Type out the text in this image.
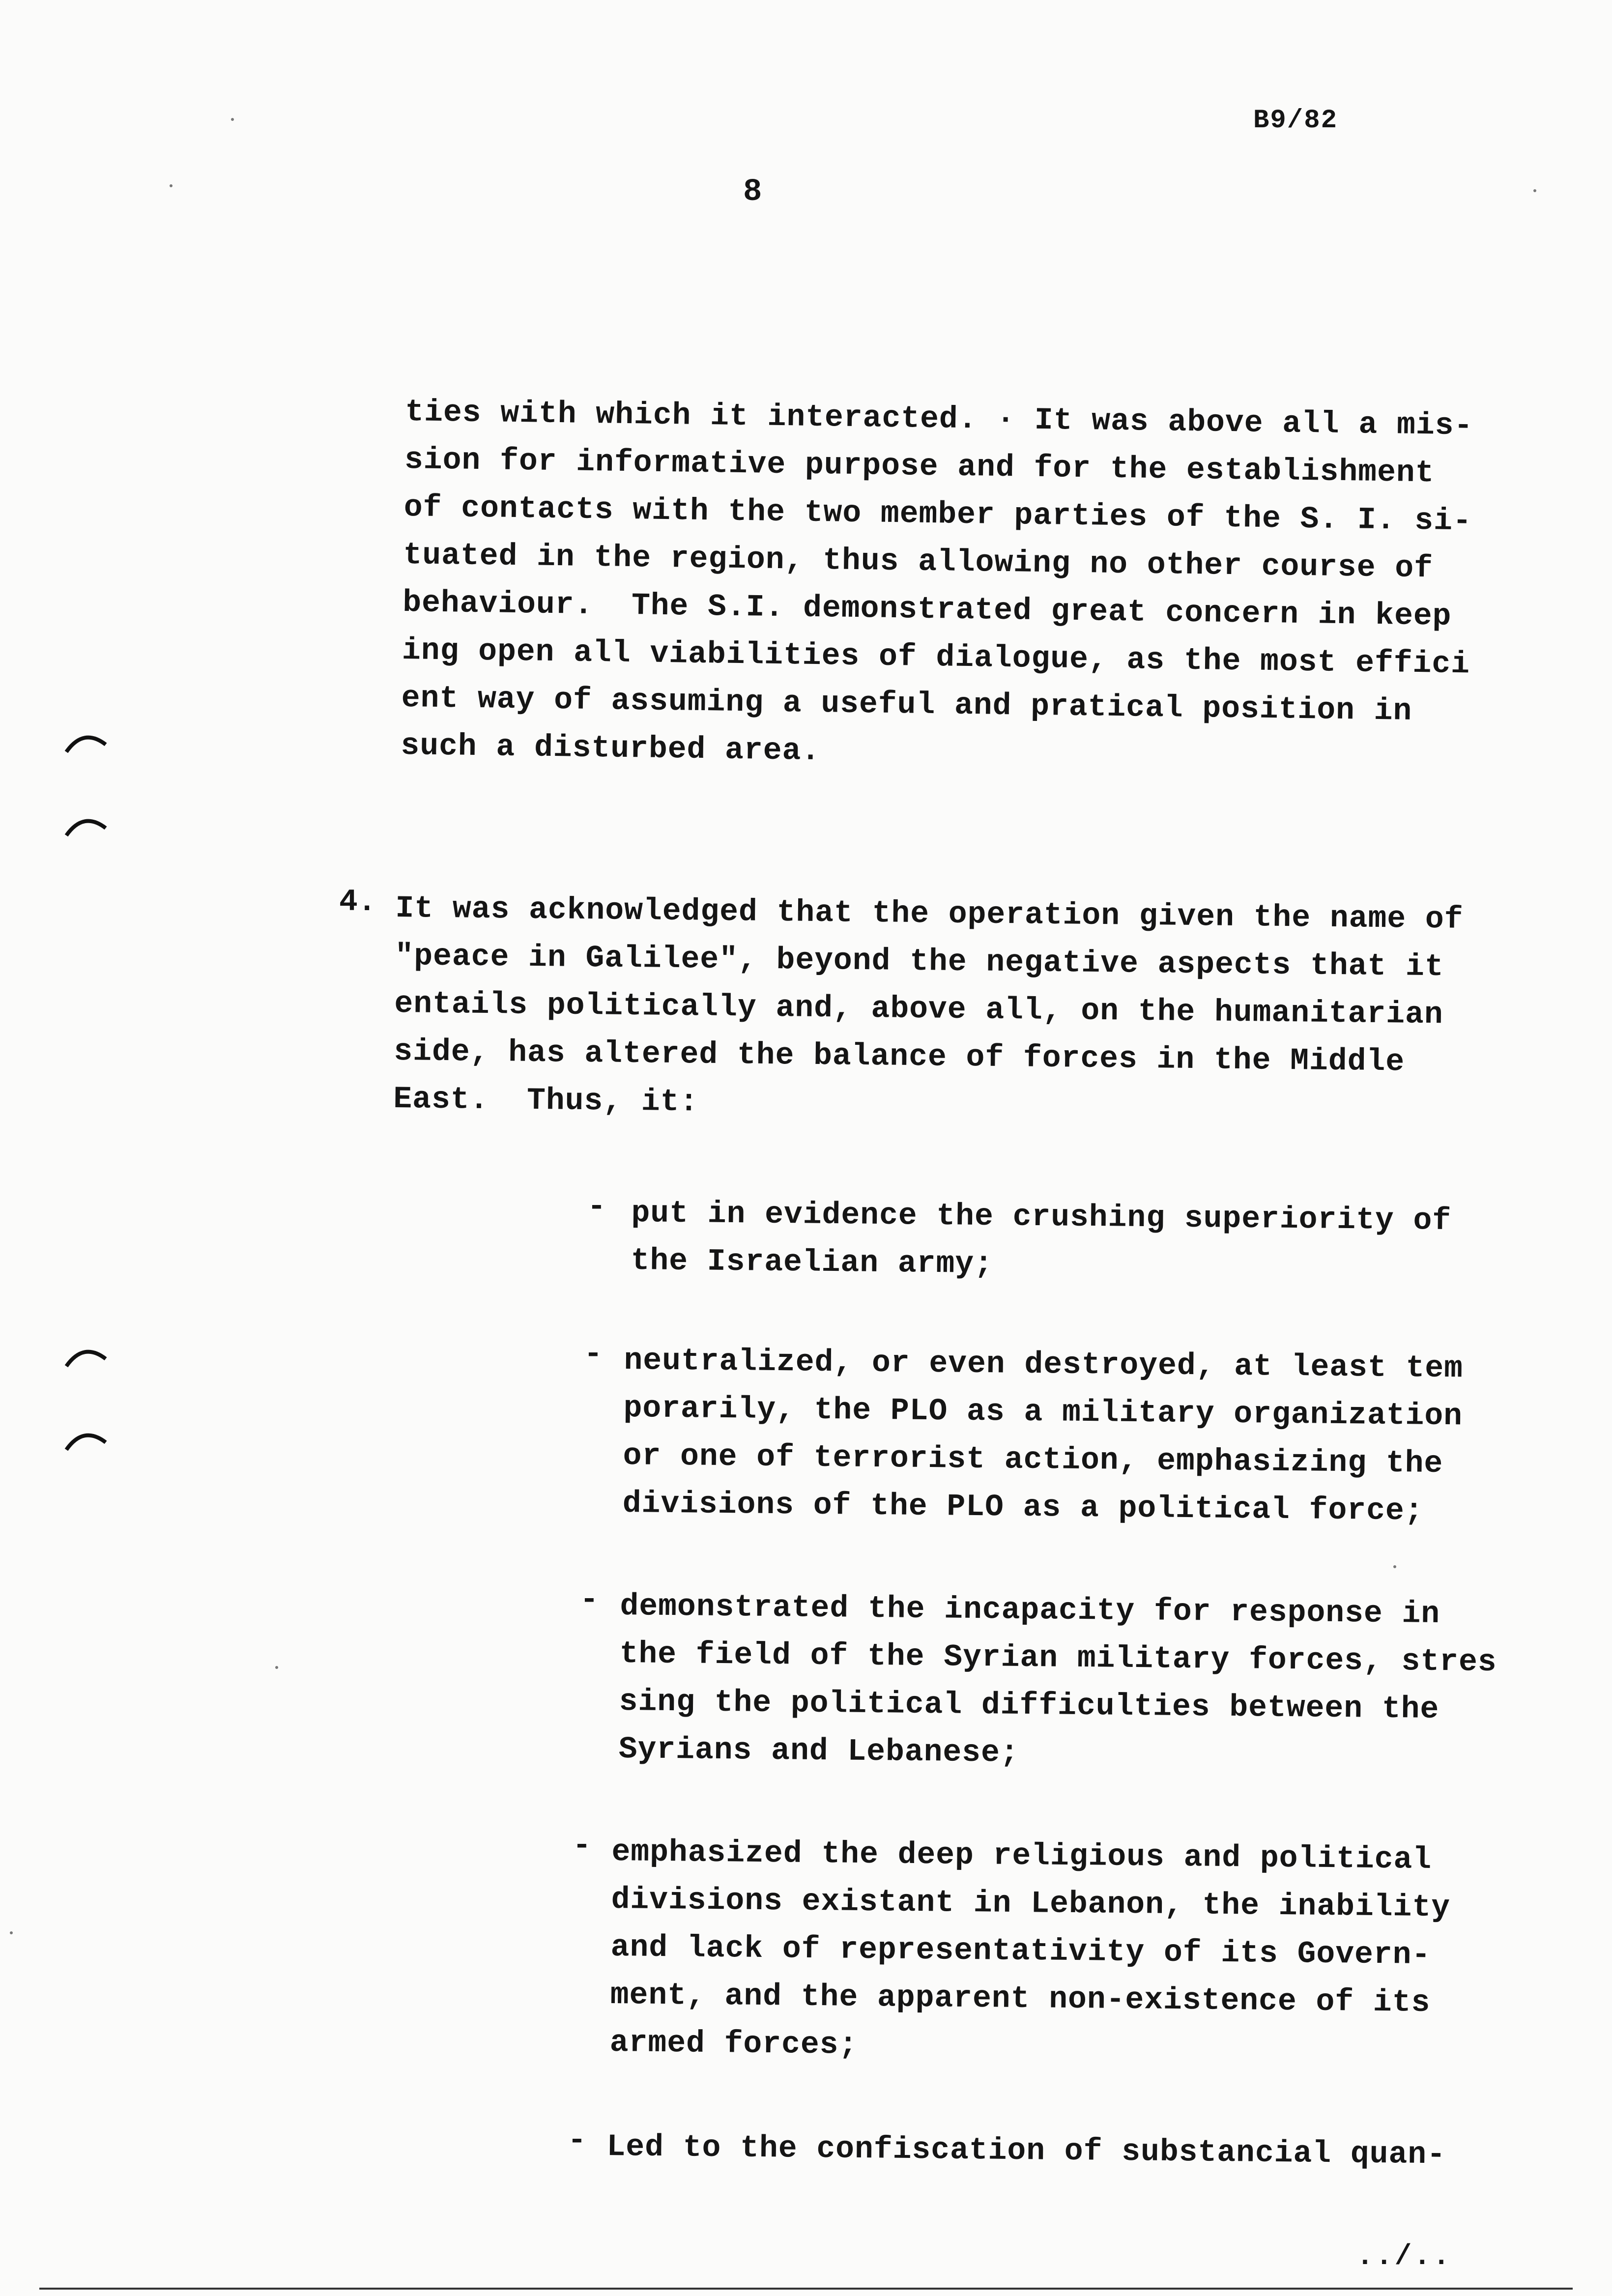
B9/82
8
ties with which it interacted. · It was above all a mis-
sion for informative purpose and for the establishment
of contacts with the two member parties of the S. I. si-
tuated in the region, thus allowing no other course of
behaviour.  The S.I. demonstrated great concern in keep
ing open all viabilities of dialogue, as the most effici
ent way of assuming a useful and pratical position in
such a disturbed area.
4. It was acknowledged that the operation given the name of
"peace in Galilee", beyond the negative aspects that it
entails politically and, above all, on the humanitarian
side, has altered the balance of forces in the Middle
East.  Thus, it:
- put in evidence the crushing superiority of
the Israelian army;
- neutralized, or even destroyed, at least tem
porarily, the PLO as a military organization
or one of terrorist action, emphasizing the
divisions of the PLO as a political force;
- demonstrated the incapacity for response in
the field of the Syrian military forces, stres
sing the political difficulties between the
Syrians and Lebanese;
- emphasized the deep religious and political
divisions existant in Lebanon, the inability
and lack of representativity of its Govern-
ment, and the apparent non-existence of its
armed forces;
- Led to the confiscation of substancial quan-
../..
